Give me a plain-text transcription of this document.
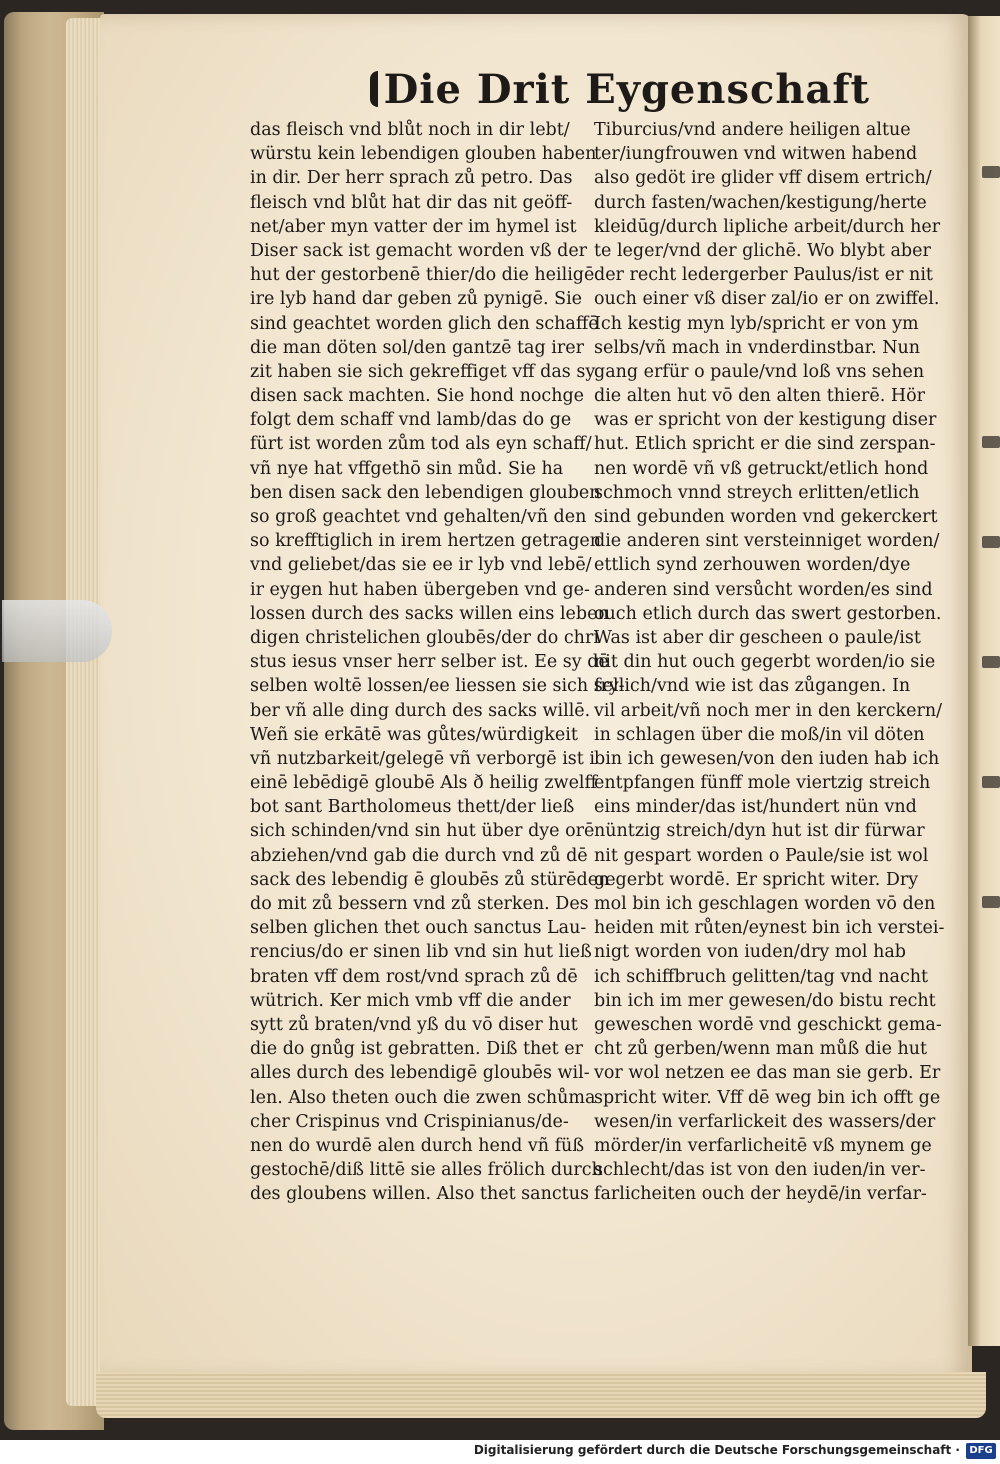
Die Drit Eygenschaft
das fleisch vnd blůt noch in dir lebt/
würstu kein lebendigen glouben haben
in dir. Der herr sprach zů petro. Das
fleisch vnd blůt hat dir das nit geöff-
net/aber myn vatter der im hymel ist
Diser sack ist gemacht worden vß der
hut der gestorbenē thier/do die heiligē
ire lyb hand dar geben zů pynigē. Sie
sind geachtet worden glich den schaffē
die man döten sol/den gantzē tag irer
zit haben sie sich gekreffiget vff das sy
disen sack machten. Sie hond nochge
folgt dem schaff vnd lamb/das do ge
fürt ist worden zům tod als eyn schaff/
vñ nye hat vffgethō sin můd. Sie ha
ben disen sack den lebendigen glouben
so groß geachtet vnd gehalten/vñ den
so krefftiglich in irem hertzen getragen
vnd geliebet/das sie ee ir lyb vnd lebē/
ir eygen hut haben übergeben vnd ge-
lossen durch des sacks willen eins leben
digen christelichen gloubēs/der do chri
stus iesus vnser herr selber ist. Ee sy dē
selben woltē lossen/ee liessen sie sich sel-
ber vñ alle ding durch des sacks willē.
Weñ sie erkātē was gůtes/würdigkeit
vñ nutzbarkeit/gelegē vñ verborgē ist i
einē lebēdigē gloubē Als ð heilig zwelff
bot sant Bartholomeus thett/der ließ
sich schinden/vnd sin hut über dye orē
abziehen/vnd gab die durch vnd zů dē
sack des lebendig ē gloubēs zů stürēden
do mit zů bessern vnd zů sterken. Des
selben glichen thet ouch sanctus Lau-
rencius/do er sinen lib vnd sin hut ließ
braten vff dem rost/vnd sprach zů dē
wütrich. Ker mich vmb vff die ander
sytt zů braten/vnd yß du vō diser hut
die do gnůg ist gebratten. Diß thet er
alles durch des lebendigē gloubēs wil-
len. Also theten ouch die zwen schůma
cher Crispinus vnd Crispinianus/de-
nen do wurdē alen durch hend vñ füß
gestochē/diß littē sie alles frölich durch
des gloubens willen. Also thet sanctus
Tiburcius/vnd andere heiligen altue
ter/iungfrouwen vnd witwen habend
also gedöt ire glider vff disem ertrich/
durch fasten/wachen/kestigung/herte
kleidūg/durch lipliche arbeit/durch her
te leger/vnd der glichē. Wo blybt aber
der recht ledergerber Paulus/ist er nit
ouch einer vß diser zal/io er on zwiffel.
Ich kestig myn lyb/spricht er von ym
selbs/vñ mach in vnderdinstbar. Nun
gang erfür o paule/vnd loß vns sehen
die alten hut vō den alten thierē. Hör
was er spricht von der kestigung diser
hut. Etlich spricht er die sind zerspan-
nen wordē vñ vß getruckt/etlich hond
schmoch vnnd streych erlitten/etlich
sind gebunden worden vnd gekerckert
die anderen sint versteinniget worden/
ettlich synd zerhouwen worden/dye
anderen sind versůcht worden/es sind
ouch etlich durch das swert gestorben.
Was ist aber dir gescheen o paule/ist
nit din hut ouch gegerbt worden/io sie
frylich/vnd wie ist das zůgangen. In
vil arbeit/vñ noch mer in den kerckern/
in schlagen über die moß/in vil döten
bin ich gewesen/von den iuden hab ich
entpfangen fünff mole viertzig streich
eins minder/das ist/hundert nün vnd
nüntzig streich/dyn hut ist dir fürwar
nit gespart worden o Paule/sie ist wol
gegerbt wordē. Er spricht witer. Dry
mol bin ich geschlagen worden vō den
heiden mit růten/eynest bin ich verstei-
nigt worden von iuden/dry mol hab
ich schiffbruch gelitten/tag vnd nacht
bin ich im mer gewesen/do bistu recht
geweschen wordē vnd geschickt gema-
cht zů gerben/wenn man můß die hut
vor wol netzen ee das man sie gerb. Er
spricht witer. Vff dē weg bin ich offt ge
wesen/in verfarlickeit des wassers/der
mörder/in verfarlicheitē vß mynem ge
schlecht/das ist von den iuden/in ver-
farlicheiten ouch der heydē/in verfar-
Digitalisierung gefördert durch die Deutsche Forschungsgemeinschaft · DFG
